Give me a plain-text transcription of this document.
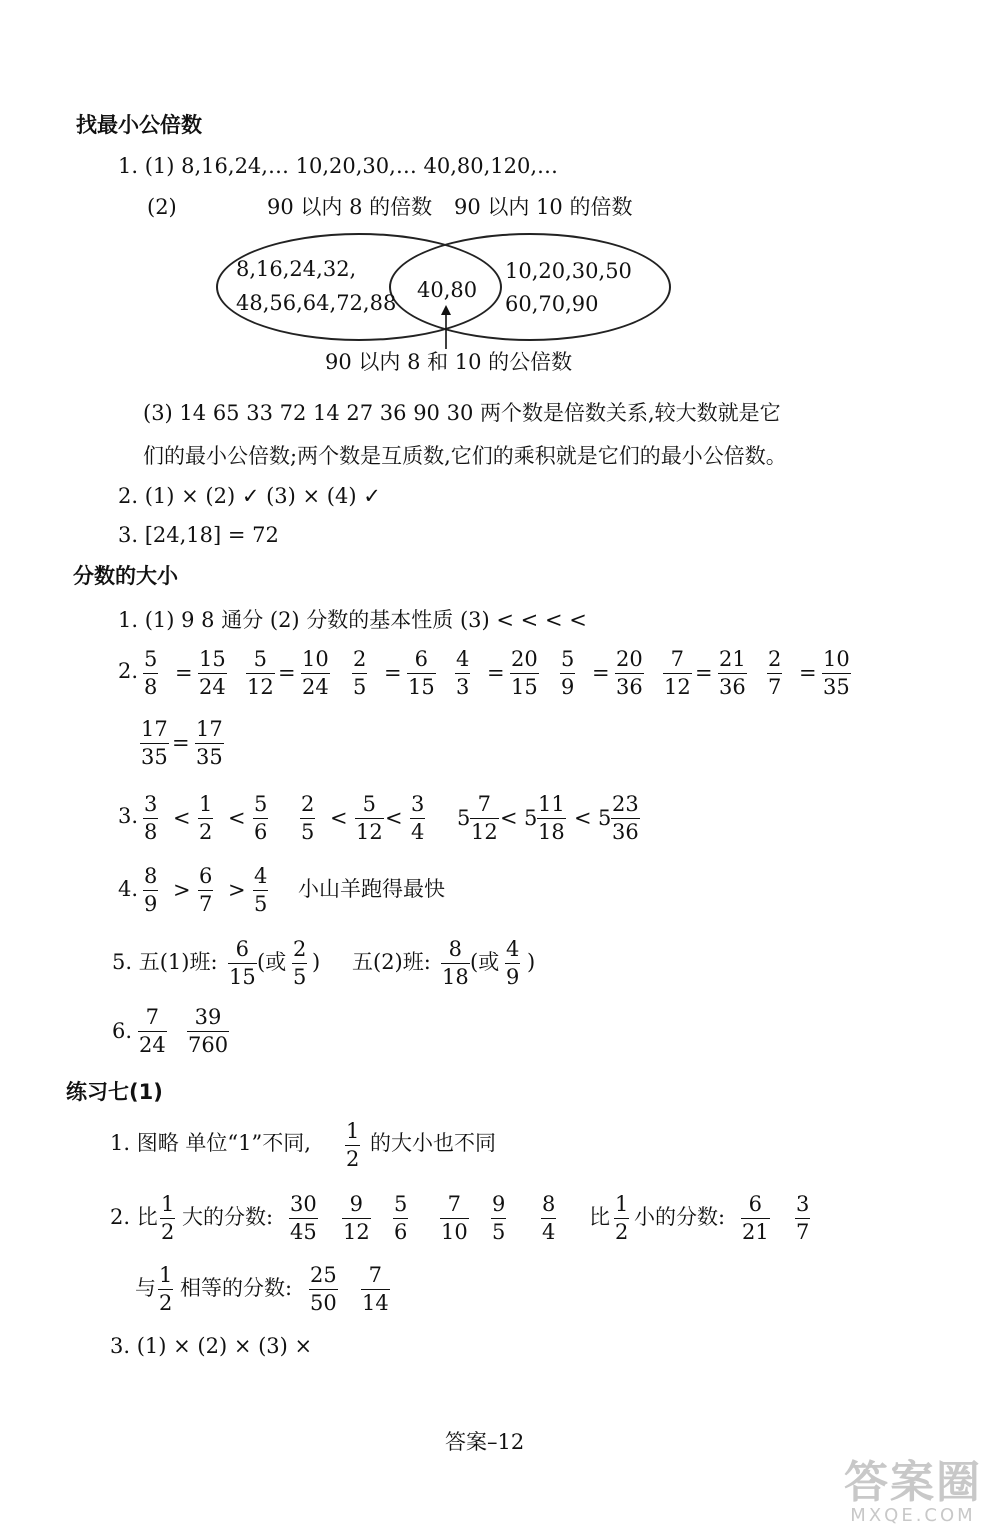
找最小公倍数
1. (1) 8,16,24,… 10,20,30,… 40,80,120,…
(2)	90 以内 8 的倍数 90 以内 10 的倍数
8,16,24,32,
48,56,64,72,88
40,80
10,20,30,50
60,70,90
90 以内 8 和 10 的公倍数
(3) 14 65 33 72 14 27 36 90 30 两个数是倍数关系,较大数就是它
们的最小公倍数;两个数是互质数,它们的乘积就是它们的最小公倍数。
2. (1) × (2) ✓ (3) × (4) ✓
3. [24,18] = 72
分数的大小
1. (1) 9 8 通分 (2) 分数的基本性质 (3) < < < <
2. $\frac{5}{8} = \frac{15}{24} \frac{5}{12} = \frac{10}{24} \frac{2}{5} = \frac{6}{15} \frac{4}{3} = \frac{20}{15} \frac{5}{9} = \frac{20}{36} \frac{7}{12} = \frac{21}{36} \frac{2}{7} = \frac{10}{35}$
$\frac{17}{35} = \frac{17}{35}$
3. $\frac{3}{8} < \frac{1}{2} < \frac{5}{6} \frac{2}{5} < \frac{5}{12} < \frac{3}{4} 5 \frac{7}{12} < 5 \frac{11}{18} < 5 \frac{23}{36}$
4. $\frac{8}{9} > \frac{6}{7} > \frac{4}{5}$ 小山羊跑得最快
5. 五(1)班: $\frac{6}{15}$ (或 $\frac{2}{5}$ ) 五(2)班: $\frac{8}{18}$ (或 $\frac{4}{9}$ )
6. $\frac{7}{24} \frac{39}{760}$
练习七(1)
1. 图略 单位“1”不同, $\frac{1}{2}$ 的大小也不同
2. 比 大的分数:	比 小的分数:
与 相等的分数:
$\frac{1}{2}$	$\frac{30}{45} \frac{9}{12} \frac{5}{6} \frac{7}{10} \frac{9}{5} \frac{8}{4}$	$\frac{1}{2}$	$\frac{6}{21} \frac{3}{7}$
$\frac{1}{2}$	$\frac{25}{50} \frac{7}{14}$
3. (1) × (2) × (3) ×
答案–12
答案圈
MXQE.COM
